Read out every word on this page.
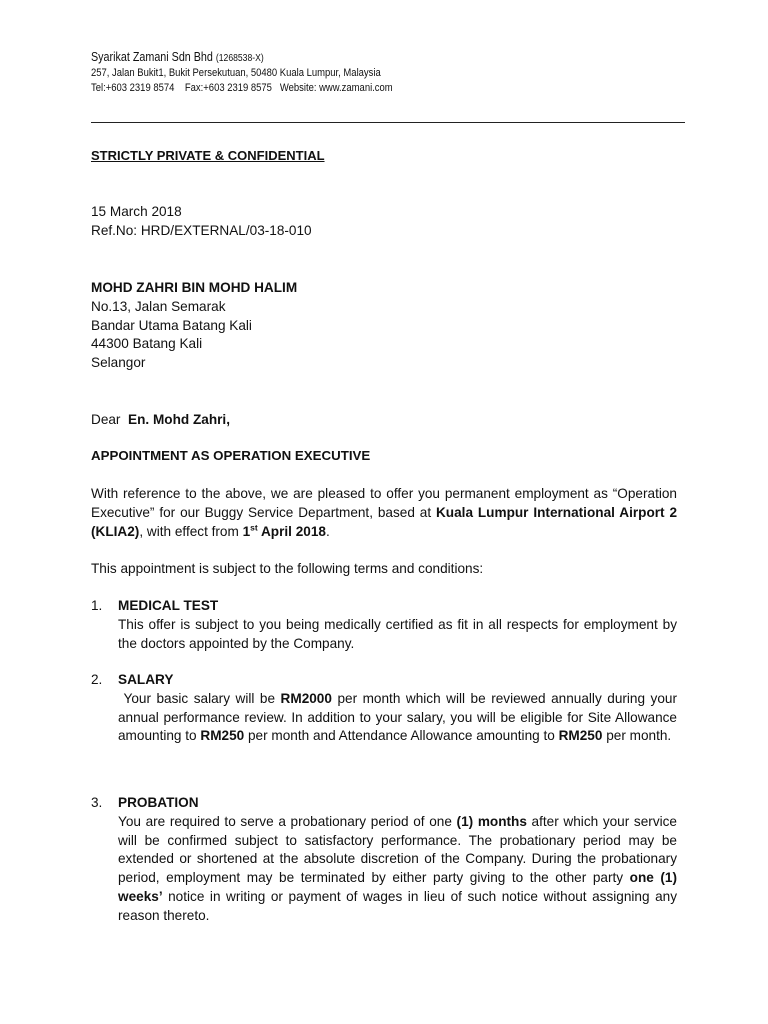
Syarikat Zamani Sdn Bhd (1268538-X)
257, Jalan Bukit1, Bukit Persekutuan, 50480 Kuala Lumpur, Malaysia
Tel:+603 2319 8574    Fax:+603 2319 8575   Website: www.zamani.com
STRICTLY PRIVATE & CONFIDENTIAL
15 March 2018
Ref.No: HRD/EXTERNAL/03-18-010
MOHD ZAHRI BIN MOHD HALIM
No.13, Jalan Semarak
Bandar Utama Batang Kali
44300 Batang Kali
Selangor
Dear En. Mohd Zahri,
APPOINTMENT AS OPERATION EXECUTIVE
With reference to the above, we are pleased to offer you permanent employment as “Operation Executive” for our Buggy Service Department, based at Kuala Lumpur International Airport 2 (KLIA2), with effect from 1st April 2018.
This appointment is subject to the following terms and conditions:
1.	MEDICAL TEST
This offer is subject to you being medically certified as fit in all respects for employment by the doctors appointed by the Company.
2.	SALARY
Your basic salary will be RM2000 per month which will be reviewed annually during your annual performance review. In addition to your salary, you will be eligible for Site Allowance amounting to RM250 per month and Attendance Allowance amounting to RM250 per month.
3.	PROBATION
You are required to serve a probationary period of one (1) months after which your service will be confirmed subject to satisfactory performance. The probationary period may be extended or shortened at the absolute discretion of the Company. During the probationary period, employment may be terminated by either party giving to the other party one (1) weeks’ notice in writing or payment of wages in lieu of such notice without assigning any reason thereto.
